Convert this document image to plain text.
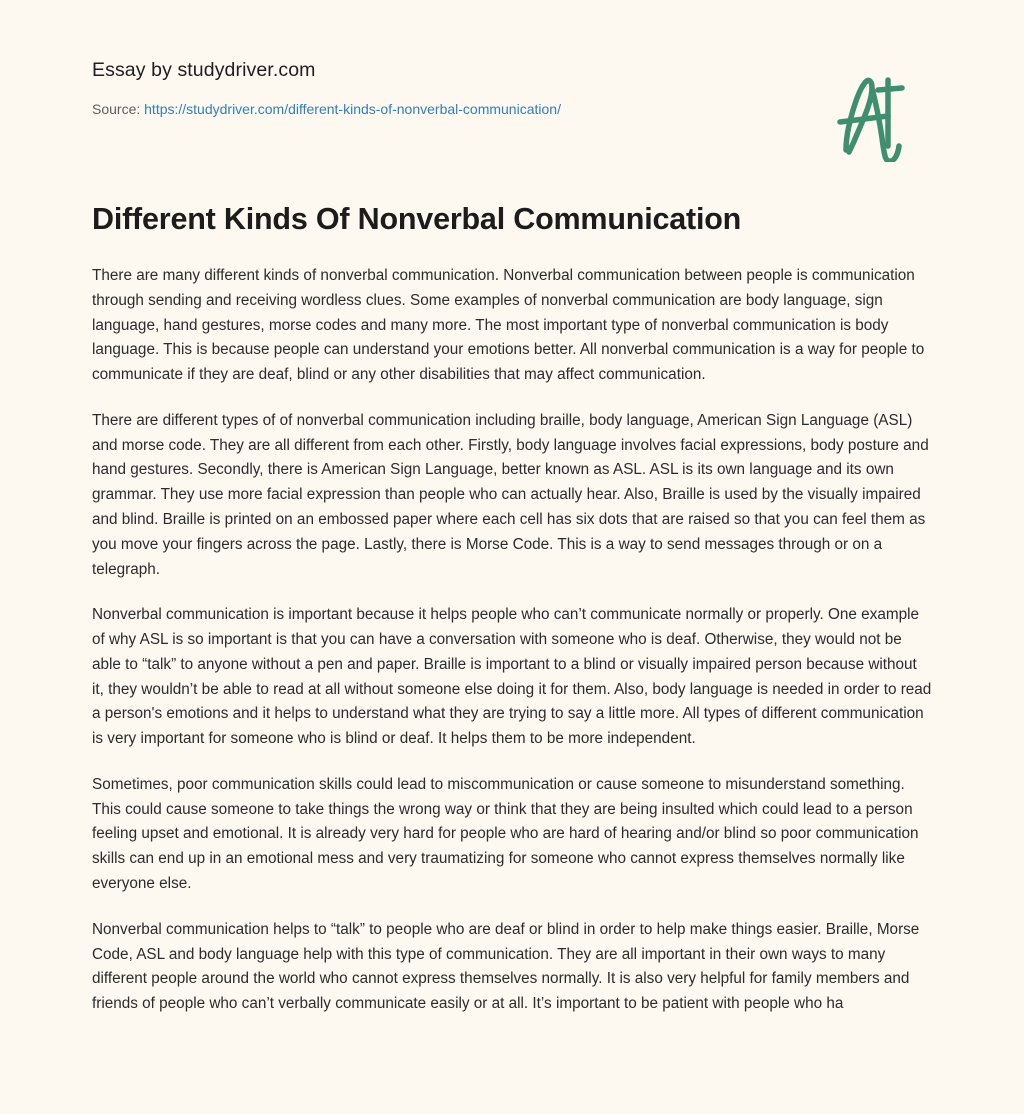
Essay by studydriver.com
Source: https://studydriver.com/different-kinds-of-nonverbal-communication/
Different Kinds Of Nonverbal Communication

There are many different kinds of nonverbal communication. Nonverbal communication between people is communication through sending and receiving wordless clues. Some examples of nonverbal communication are body language, sign language, hand gestures, morse codes and many more. The most important type of nonverbal communication is body language. This is because people can understand your emotions better. All nonverbal communication is a way for people to communicate if they are deaf, blind or any other disabilities that may affect communication.

There are different types of of nonverbal communication including braille, body language, American Sign Language (ASL) and morse code. They are all different from each other. Firstly, body language involves facial expressions, body posture and hand gestures. Secondly, there is American Sign Language, better known as ASL. ASL is its own language and its own grammar. They use more facial expression than people who can actually hear. Also, Braille is used by the visually impaired and blind. Braille is printed on an embossed paper where each cell has six dots that are raised so that you can feel them as you move your fingers across the page. Lastly, there is Morse Code. This is a way to send messages through or on a telegraph.

Nonverbal communication is important because it helps people who can’t communicate normally or properly. One example of why ASL is so important is that you can have a conversation with someone who is deaf. Otherwise, they would not be able to “talk” to anyone without a pen and paper. Braille is important to a blind or visually impaired person because without it, they wouldn’t be able to read at all without someone else doing it for them. Also, body language is needed in order to read a person's emotions and it helps to understand what they are trying to say a little more. All types of different communication is very important for someone who is blind or deaf. It helps them to be more independent.

Sometimes, poor communication skills could lead to miscommunication or cause someone to misunderstand something. This could cause someone to take things the wrong way or think that they are being insulted which could lead to a person feeling upset and emotional. It is already very hard for people who are hard of hearing and/or blind so poor communication skills can end up in an emotional mess and very traumatizing for someone who cannot express themselves normally like everyone else.

Nonverbal communication helps to “talk” to people who are deaf or blind in order to help make things easier. Braille, Morse Code, ASL and body language help with this type of communication. They are all important in their own ways to many different people around the world who cannot express themselves normally. It is also very helpful for family members and friends of people who can’t verbally communicate easily or at all. It’s important to be patient with people who ha
